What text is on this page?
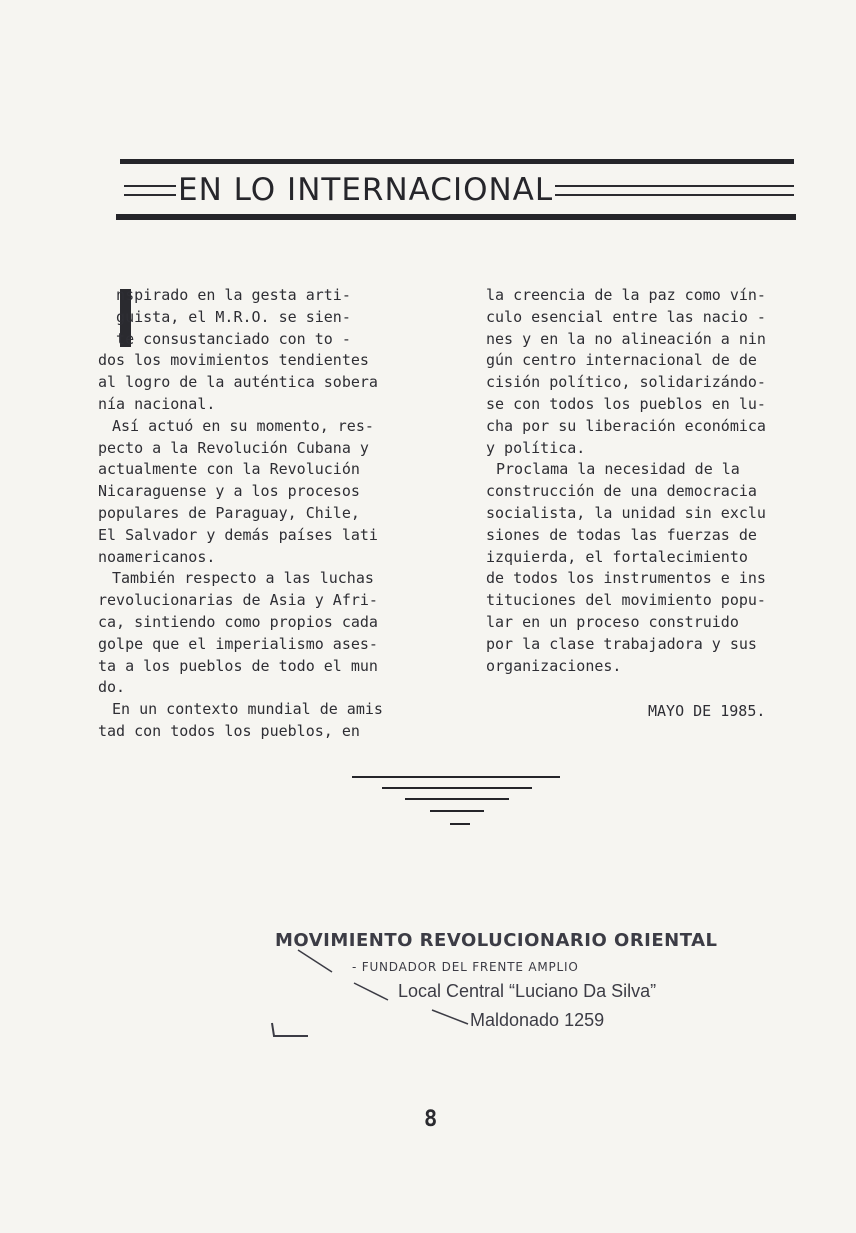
EN LO INTERNACIONAL
nspirado en la gesta arti-
guista, el M.R.O. se sien-
te consustanciado con to -
dos los movimientos tendientes
al logro de la auténtica sobera
nía nacional.
Así actuó en su momento, res-
pecto a la Revolución Cubana y
actualmente con la Revolución
Nicaraguense y a los procesos
populares de Paraguay, Chile,
El Salvador y demás países lati
noamericanos.
También respecto a las luchas
revolucionarias de Asia y Afri-
ca, sintiendo como propios cada
golpe que el imperialismo ases-
ta a los pueblos de todo el mun
do.
En un contexto mundial de amis
tad con todos los pueblos, en
la creencia de la paz como vín-
culo esencial entre las nacio -
nes y en la no alineación a nin
gún centro internacional de de
cisión político, solidarizándo-
se con todos los pueblos en lu-
cha por su liberación económica
y política.
Proclama la necesidad de la
construcción de una democracia
socialista, la unidad sin exclu
siones de todas las fuerzas de
izquierda, el fortalecimiento
de todos los instrumentos e ins
tituciones del movimiento popu-
lar en un proceso construido
por la clase trabajadora y sus
organizaciones.
MAYO DE 1985.
MOVIMIENTO REVOLUCIONARIO ORIENTAL
- FUNDADOR DEL FRENTE AMPLIO
Local Central “Luciano Da Silva”
Maldonado 1259
8
